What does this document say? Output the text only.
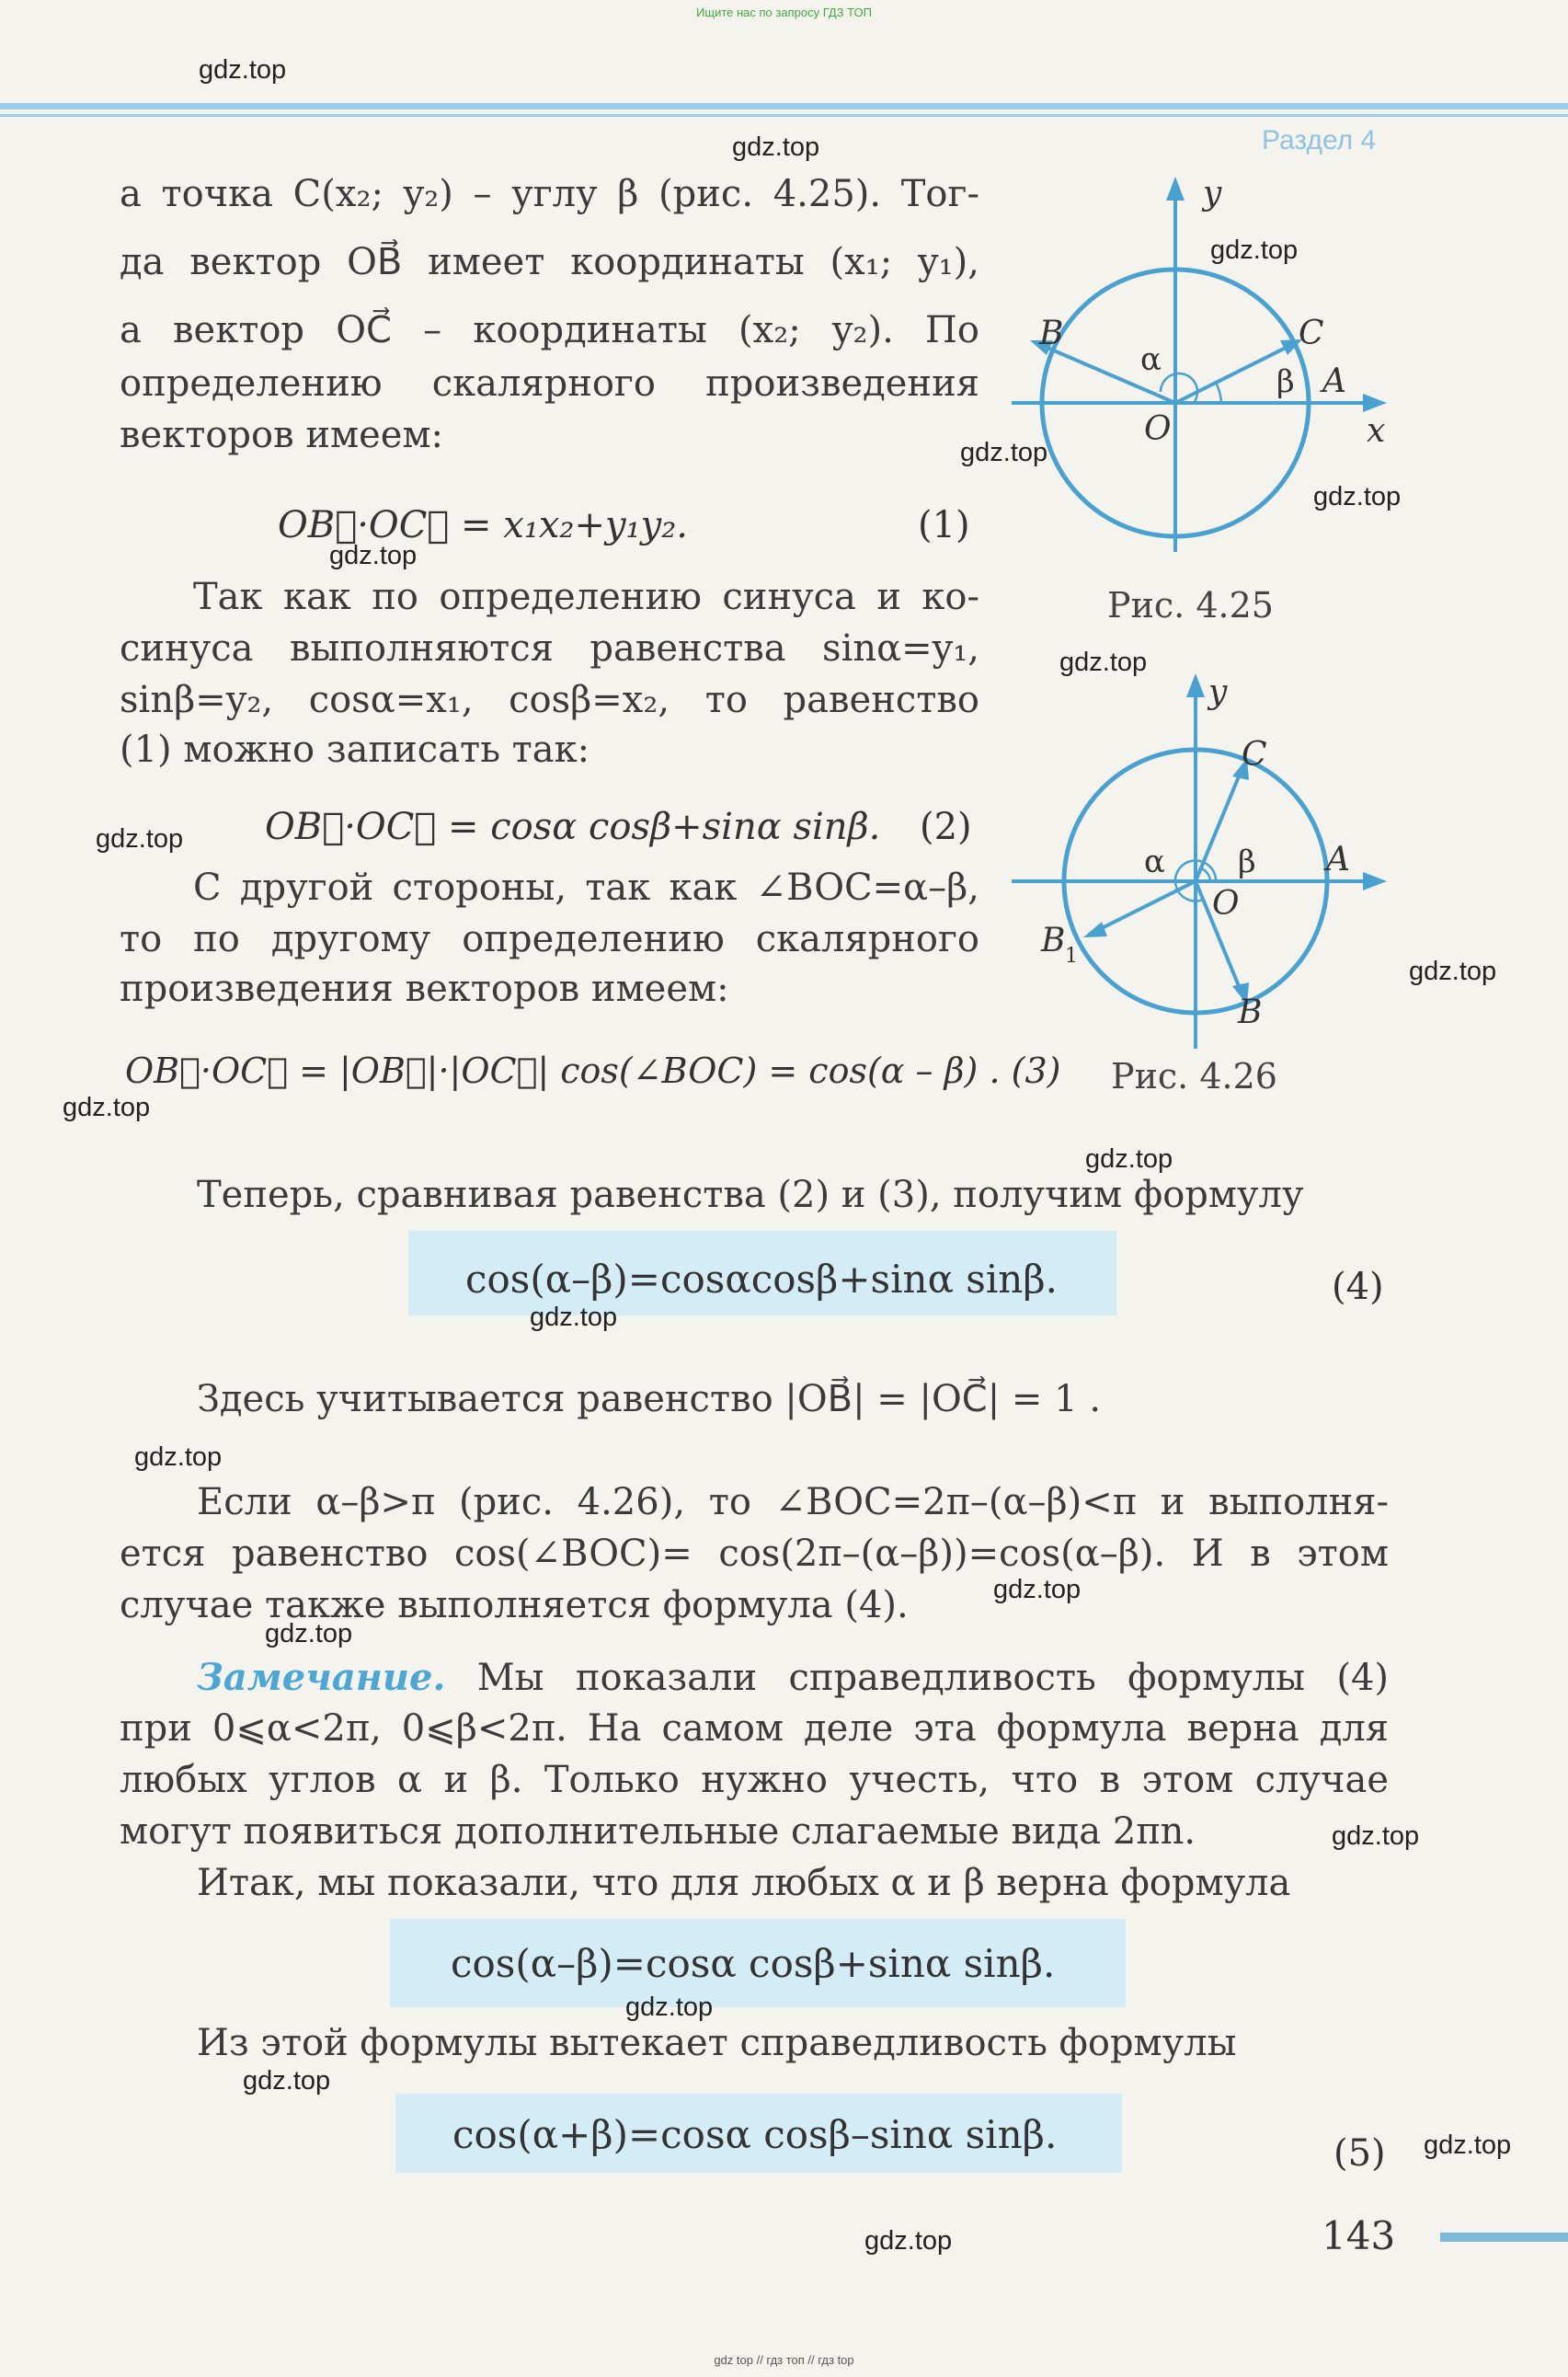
Ищите нас по запросу ГДЗ ТОП
Раздел 4
а точка C(x₂; y₂) – углу β (рис. 4.25). Тог-
да вектор OB⃗ имеет координаты (x₁; y₁),
а вектор OC⃗ – координаты (x₂; y₂). По
определению скалярного произведения
векторов имеем:
OB⃗·OC⃗ = x₁x₂+y₁y₂.	(1)
Так как по определению синуса и ко-
синуса выполняются равенства sinα=y₁,
sinβ=y₂, cosα=x₁, cosβ=x₂, то равенство
(1) можно записать так:
OB⃗·OC⃗ = cosα cosβ+sinα sinβ. (2)
С другой стороны, так как ∠BOC=α–β,
то по другому определению скалярного
произведения векторов имеем:
OB⃗·OC⃗ = |OB⃗|·|OC⃗| cos(∠BOC) = cos(α – β) . (3)
y
x
B	C
A
O
α
β
Рис. 4.25
y
C
A
O
α β
B 1
B
Рис. 4.26
Теперь, сравнивая равенства (2) и (3), получим формулу
cos(α–β)=cosαcosβ+sinα sinβ.	(4)
Здесь учитывается равенство |OB⃗| = |OC⃗| = 1 .
Если α–β>π (рис. 4.26), то ∠BOC=2π–(α–β)<π и выполня-
ется равенство cos(∠BOC)= cos(2π–(α–β))=cos(α–β). И в этом
случае также выполняется формула (4).
Замечание. Мы показали справедливость формулы (4)
при 0⩽α<2π, 0⩽β<2π. На самом деле эта формула верна для
любых углов α и β. Только нужно учесть, что в этом случае
могут появиться дополнительные слагаемые вида 2πn.
Итак, мы показали, что для любых α и β верна формула
cos(α–β)=cosα cosβ+sinα sinβ.
Из этой формулы вытекает справедливость формулы
cos(α+β)=cosα cosβ–sinα sinβ.	(5)
143
gdz.top
gdz.top
gdz.top
gdz.top
gdz.top
gdz.top
gdz.top
gdz.top
gdz.top
gdz.top
gdz.top
gdz.top
gdz.top
gdz.top
gdz.top
gdz.top
gdz.top
gdz.top
gdz.top
gdz.top
gdz top // гдз топ // гдз top
